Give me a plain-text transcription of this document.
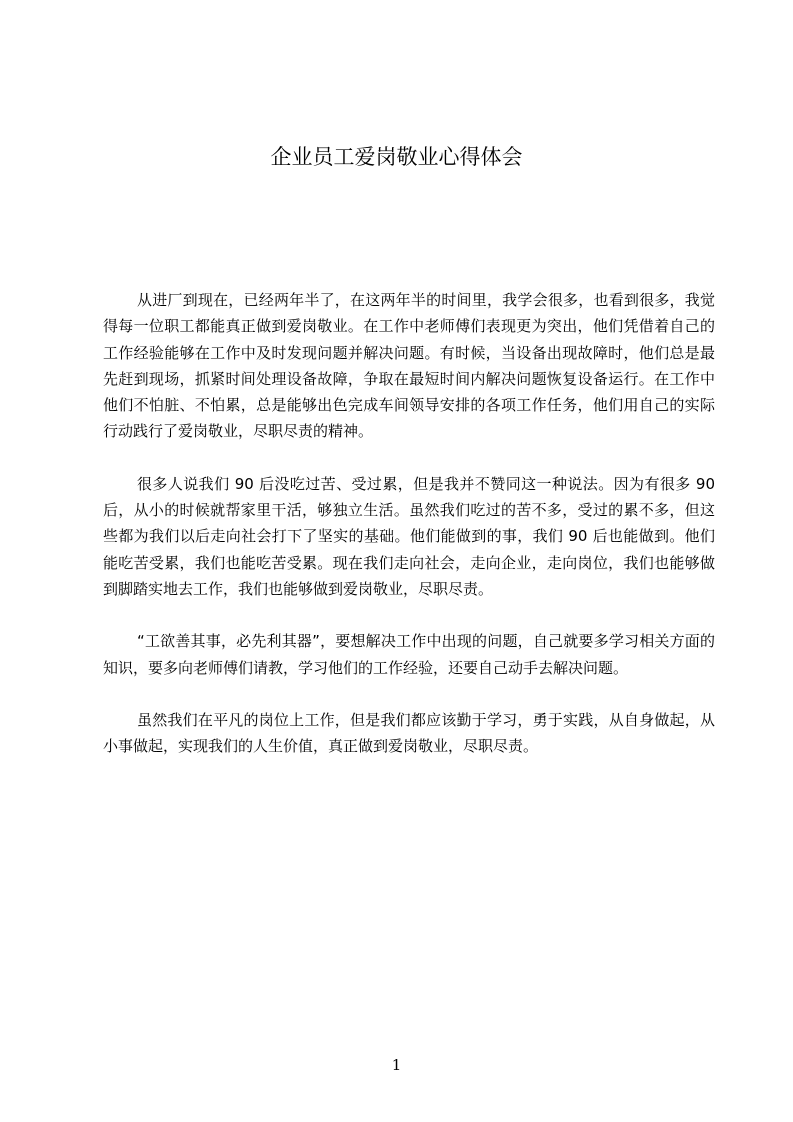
企业员工爱岗敬业心得体会

从进厂到现在，已经两年半了，在这两年半的时间里，我学会很多，也看到很多，我觉得每一位职工都能真正做到爱岗敬业。在工作中老师傅们表现更为突出，他们凭借着自己的工作经验能够在工作中及时发现问题并解决问题。有时候，当设备出现故障时，他们总是最先赶到现场，抓紧时间处理设备故障，争取在最短时间内解决问题恢复设备运行。在工作中他们不怕脏、不怕累，总是能够出色完成车间领导安排的各项工作任务，他们用自己的实际行动践行了爱岗敬业，尽职尽责的精神。

很多人说我们 90 后没吃过苦、受过累，但是我并不赞同这一种说法。因为有很多 90 后，从小的时候就帮家里干活，够独立生活。虽然我们吃过的苦不多，受过的累不多，但这些都为我们以后走向社会打下了坚实的基础。他们能做到的事，我们 90 后也能做到。他们能吃苦受累，我们也能吃苦受累。现在我们走向社会，走向企业，走向岗位，我们也能够做到脚踏实地去工作，我们也能够做到爱岗敬业，尽职尽责。

“工欲善其事，必先利其器”，要想解决工作中出现的问题，自己就要多学习相关方面的知识，要多向老师傅们请教，学习他们的工作经验，还要自己动手去解决问题。

虽然我们在平凡的岗位上工作，但是我们都应该勤于学习，勇于实践，从自身做起，从小事做起，实现我们的人生价值，真正做到爱岗敬业，尽职尽责。

1
